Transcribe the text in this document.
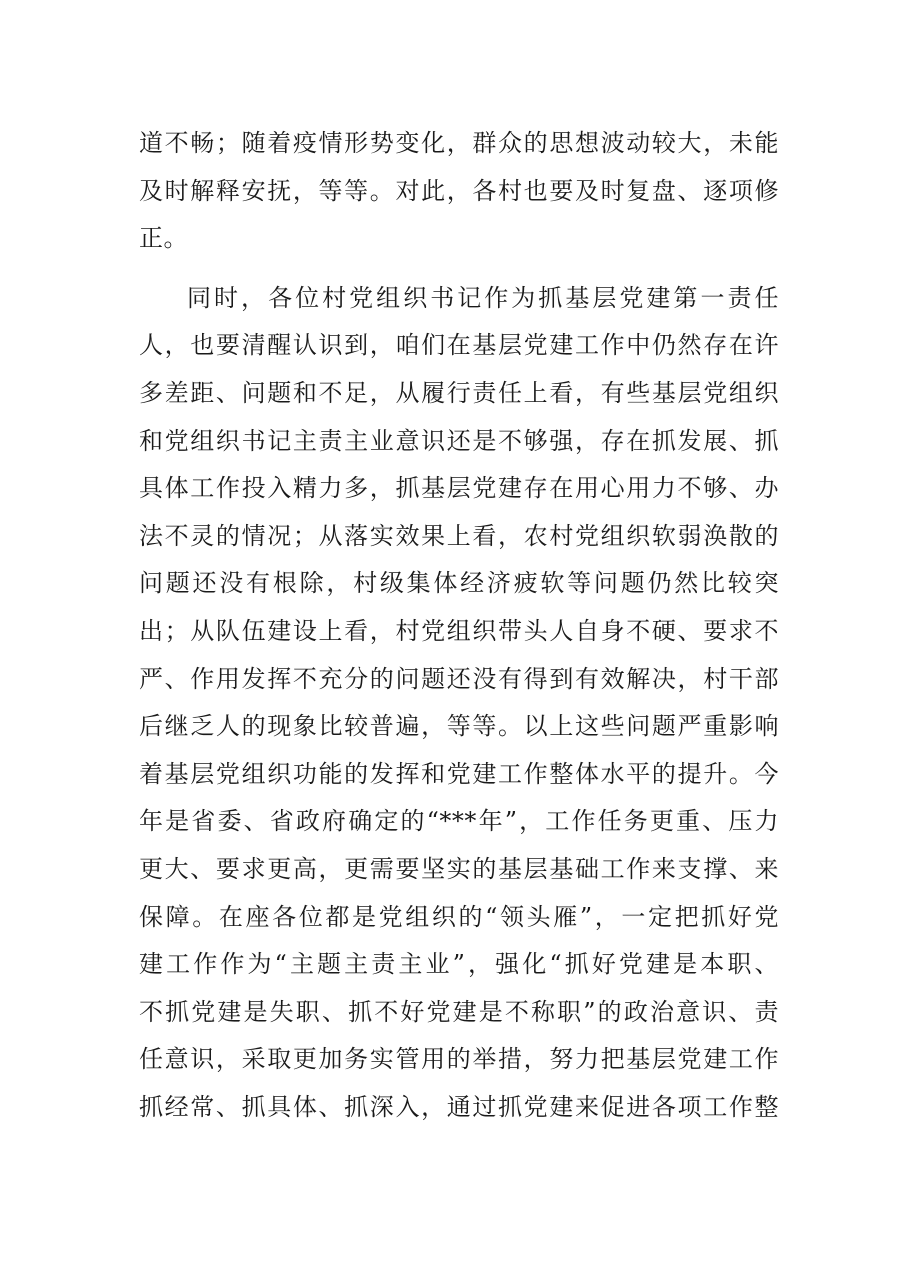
道不畅；随着疫情形势变化，群众的思想波动较大，未能
及时解释安抚，等等。对此，各村也要及时复盘、逐项修
正。
同时，各位村党组织书记作为抓基层党建第一责任
人，也要清醒认识到，咱们在基层党建工作中仍然存在许
多差距、问题和不足，从履行责任上看，有些基层党组织
和党组织书记主责主业意识还是不够强，存在抓发展、抓
具体工作投入精力多，抓基层党建存在用心用力不够、办
法不灵的情况；从落实效果上看，农村党组织软弱涣散的
问题还没有根除，村级集体经济疲软等问题仍然比较突
出；从队伍建设上看，村党组织带头人自身不硬、要求不
严、作用发挥不充分的问题还没有得到有效解决，村干部
后继乏人的现象比较普遍，等等。以上这些问题严重影响
着基层党组织功能的发挥和党建工作整体水平的提升。今
年是省委、省政府确定的“***年”，工作任务更重、压力
更大、要求更高，更需要坚实的基层基础工作来支撑、来
保障。在座各位都是党组织的“领头雁”，一定把抓好党
建工作作为“主题主责主业”，强化“抓好党建是本职、
不抓党建是失职、抓不好党建是不称职”的政治意识、责
任意识，采取更加务实管用的举措，努力把基层党建工作
抓经常、抓具体、抓深入，通过抓党建来促进各项工作整
